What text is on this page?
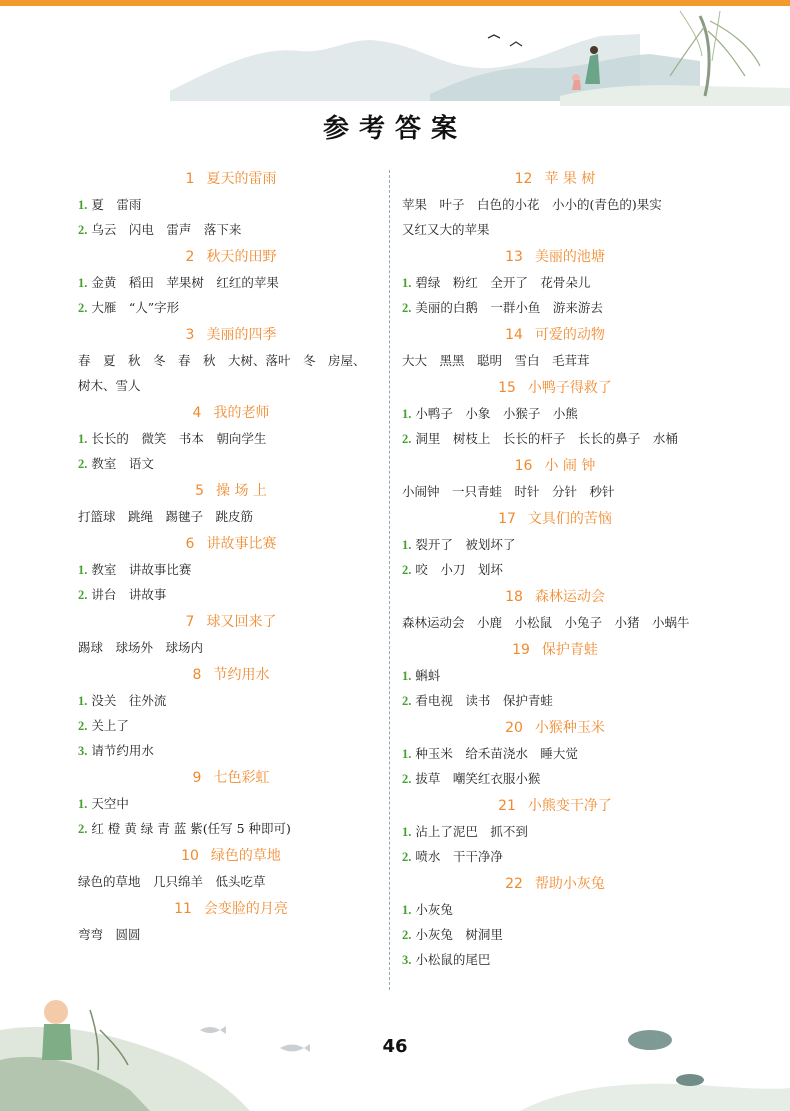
参考答案
1 夏天的雷雨
1. 夏　雷雨
2. 乌云　闪电　雷声　落下来
2 秋天的田野
1. 金黄　稻田　苹果树　红红的苹果
2. 大雁　“人”字形
3 美丽的四季
春　夏　秋　冬　春　秋　大树、落叶　冬　房屋、
树木、雪人
4 我的老师
1. 长长的　微笑　书本　朝向学生
2. 教室　语文
5 操 场 上
打篮球　跳绳　踢毽子　跳皮筋
6 讲故事比赛
1. 教室　讲故事比赛
2. 讲台　讲故事
7 球又回来了
踢球　球场外　球场内
8 节约用水
1. 没关　往外流
2. 关上了
3. 请节约用水
9 七色彩虹
1. 天空中
2. 红 橙 黄 绿 青 蓝 紫(任写 5 种即可)
10 绿色的草地
绿色的草地　几只绵羊　低头吃草
11 会变脸的月亮
弯弯　圆圆
12 苹 果 树
苹果　叶子　白色的小花　小小的(青色的)果实
又红又大的苹果
13 美丽的池塘
1. 碧绿　粉红　全开了　花骨朵儿
2. 美丽的白鹅　一群小鱼　游来游去
14 可爱的动物
大大　黑黑　聪明　雪白　毛茸茸
15 小鸭子得救了
1. 小鸭子　小象　小猴子　小熊
2. 洞里　树枝上　长长的杆子　长长的鼻子　水桶
16 小 闹 钟
小闹钟　一只青蛙　时针　分针　秒针
17 文具们的苦恼
1. 裂开了　被划坏了
2. 咬　小刀　划坏
18 森林运动会
森林运动会　小鹿　小松鼠　小兔子　小猪　小蜗牛
19 保护青蛙
1. 蝌蚪
2. 看电视　读书　保护青蛙
20 小猴种玉米
1. 种玉米　给禾苗浇水　睡大觉
2. 拔草　嘲笑红衣服小猴
21 小熊变干净了
1. 沾上了泥巴　抓不到
2. 喷水　干干净净
22 帮助小灰兔
1. 小灰兔
2. 小灰兔　树洞里
3. 小松鼠的尾巴
46
